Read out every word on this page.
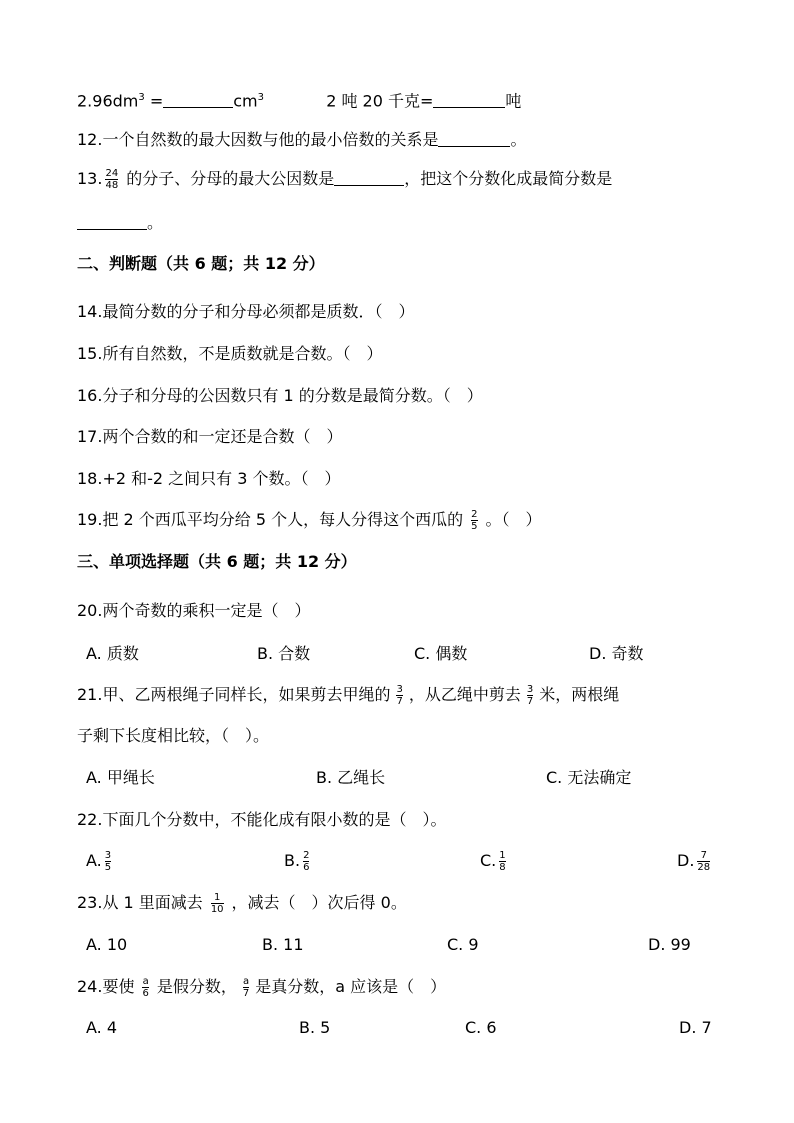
$2.96dm^3$ =	$cm^3$	2 吨 20 千克=	吨
12.一个自然数的最大因数与他的最小倍数的关系是	。
13. $\frac{24}{48}$ 的分子、分母的最大公因数是	，把这个分数化成最简分数是
。
二、判断题（共 6 题；共 12 分）
14.最简分数的分子和分母必须都是质数．（　）
15.所有自然数，不是质数就是合数。（　）
16.分子和分母的公因数只有 1 的分数是最简分数。（　）
17.两个合数的和一定还是合数（　）
18.+2 和-2 之间只有 3 个数。（　）
19.把 2 个西瓜平均分给 5 个人，每人分得这个西瓜的 $\frac{2}{5}$ 。（　）
三、单项选择题（共 6 题；共 12 分）
20.两个奇数的乘积一定是（　）
A. 质数	B. 合数	C. 偶数	D. 奇数
21.甲、乙两根绳子同样长，如果剪去甲绳的 $\frac{3}{7}$ ，从乙绳中剪去 $\frac{3}{7}$ 米，两根绳
子剩下长度相比较，（　）。
A. 甲绳长	B. 乙绳长	C. 无法确定
22.下面几个分数中，不能化成有限小数的是（　）。
A. $\frac{3}{5}$	B. $\frac{2}{6}$	C. $\frac{1}{8}$	D. $\frac{7}{28}$
23.从 1 里面减去 $\frac{1}{10}$ ，减去（　）次后得 0。
A. 10	B. 11	C. 9	D. 99
24.要使 $\frac{a}{6}$ 是假分数， $\frac{a}{7}$ 是真分数，a 应该是（　）
A. 4	B. 5	C. 6	D. 7
